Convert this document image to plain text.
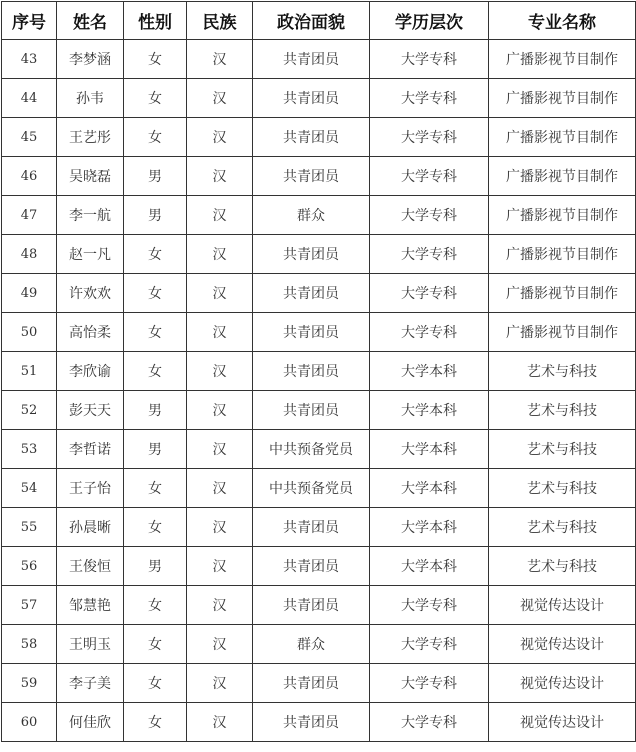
序号	姓名	性别	民族	政治面貌	学历层次	专业名称
43	李梦涵	女	汉	共青团员	大学专科	广播影视节目制作
44	孙韦	女	汉	共青团员	大学专科	广播影视节目制作
45	王艺彤	女	汉	共青团员	大学专科	广播影视节目制作
46	吴晓磊	男	汉	共青团员	大学专科	广播影视节目制作
47	李一航	男	汉	群众	大学专科	广播影视节目制作
48	赵一凡	女	汉	共青团员	大学专科	广播影视节目制作
49	许欢欢	女	汉	共青团员	大学专科	广播影视节目制作
50	高怡柔	女	汉	共青团员	大学专科	广播影视节目制作
51	李欣谕	女	汉	共青团员	大学本科	艺术与科技
52	彭天天	男	汉	共青团员	大学本科	艺术与科技
53	李哲诺	男	汉	中共预备党员	大学本科	艺术与科技
54	王子怡	女	汉	中共预备党员	大学本科	艺术与科技
55	孙晨晰	女	汉	共青团员	大学本科	艺术与科技
56	王俊恒	男	汉	共青团员	大学本科	艺术与科技
57	邹慧艳	女	汉	共青团员	大学专科	视觉传达设计
58	王明玉	女	汉	群众	大学专科	视觉传达设计
59	李子美	女	汉	共青团员	大学专科	视觉传达设计
60	何佳欣	女	汉	共青团员	大学专科	视觉传达设计
